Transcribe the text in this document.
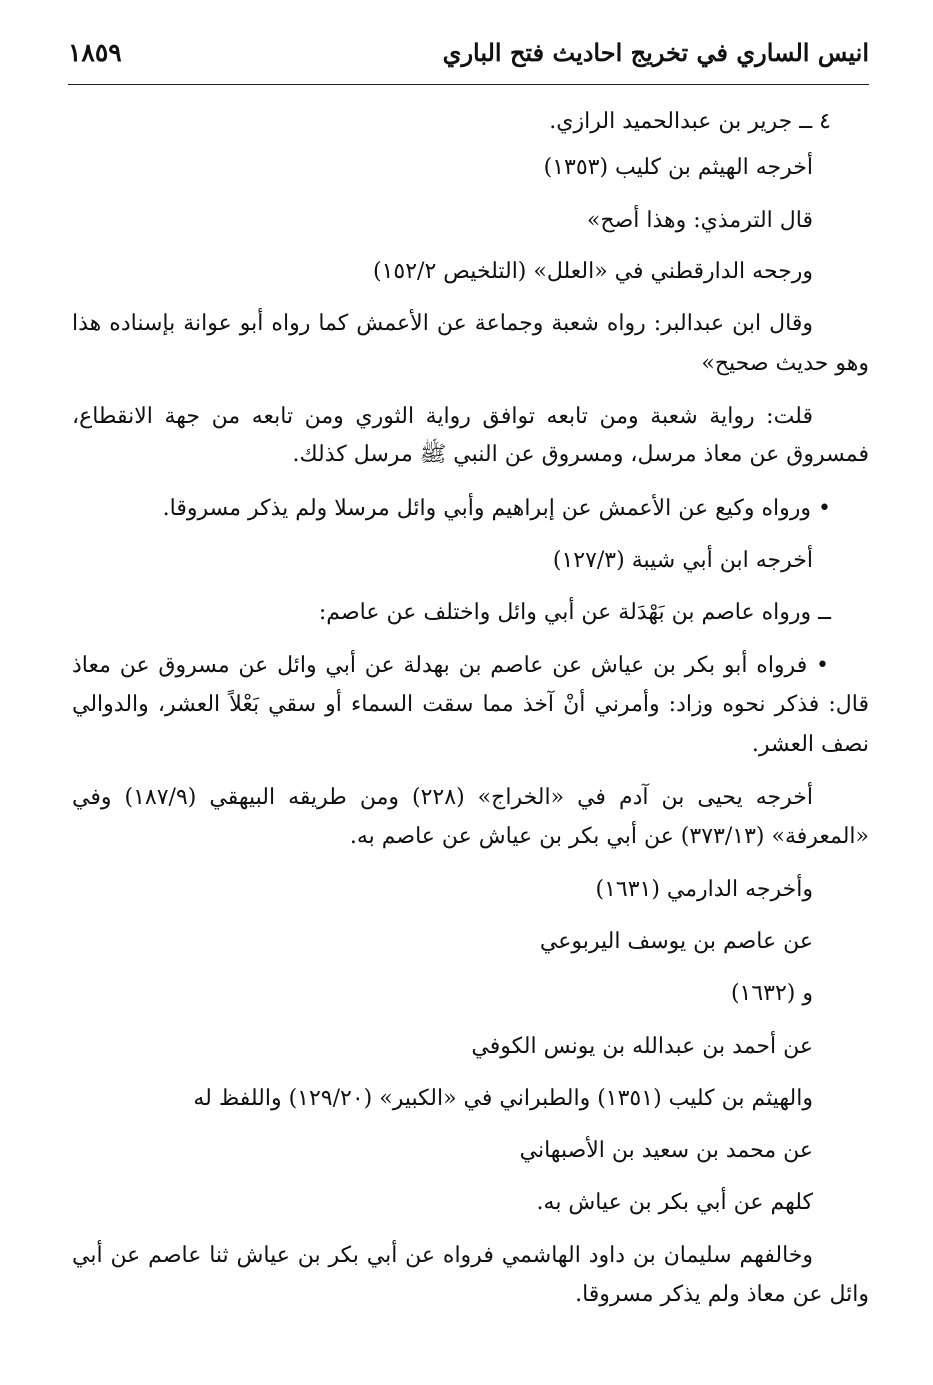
انيس الساري في تخريج احاديث فتح الباري
١٨٥٩
٤ ــ جرير بن عبدالحميد الرازي.
أخرجه الهيثم بن كليب (١٣٥٣)
قال الترمذي: وهذا أصح»
ورجحه الدارقطني في «العلل» (التلخيص ١٥٢/٢)
وقال ابن عبدالبر: رواه شعبة وجماعة عن الأعمش كما رواه أبو عوانة بإسناده هذا
وهو حديث صحيح»
قلت: رواية شعبة ومن تابعه توافق رواية الثوري ومن تابعه من جهة الانقطاع،
فمسروق عن معاذ مرسل، ومسروق عن النبي ﷺ مرسل كذلك.
• ورواه وكيع عن الأعمش عن إبراهيم وأبي وائل مرسلا ولم يذكر مسروقا.
أخرجه ابن أبي شيبة (١٢٧/٣)
ــ ورواه عاصم بن بَهْدَلة عن أبي وائل واختلف عن عاصم:
• فرواه أبو بكر بن عياش عن عاصم بن بهدلة عن أبي وائل عن مسروق عن معاذ
قال: فذكر نحوه وزاد: وأمرني أنْ آخذ مما سقت السماء أو سقي بَعْلاً العشر، والدوالي
نصف العشر.
أخرجه يحيى بن آدم في «الخراج» (٢٢٨) ومن طريقه البيهقي (١٨٧/٩) وفي
«المعرفة» (٣٧٣/١٣) عن أبي بكر بن عياش عن عاصم به.
وأخرجه الدارمي (١٦٣١)
عن عاصم بن يوسف اليربوعي
و (١٦٣٢)
عن أحمد بن عبدالله بن يونس الكوفي
والهيثم بن كليب (١٣٥١) والطبراني في «الكبير» (١٢٩/٢٠) واللفظ له
عن محمد بن سعيد بن الأصبهاني
كلهم عن أبي بكر بن عياش به.
وخالفهم سليمان بن داود الهاشمي فرواه عن أبي بكر بن عياش ثنا عاصم عن أبي
وائل عن معاذ ولم يذكر مسروقا.
